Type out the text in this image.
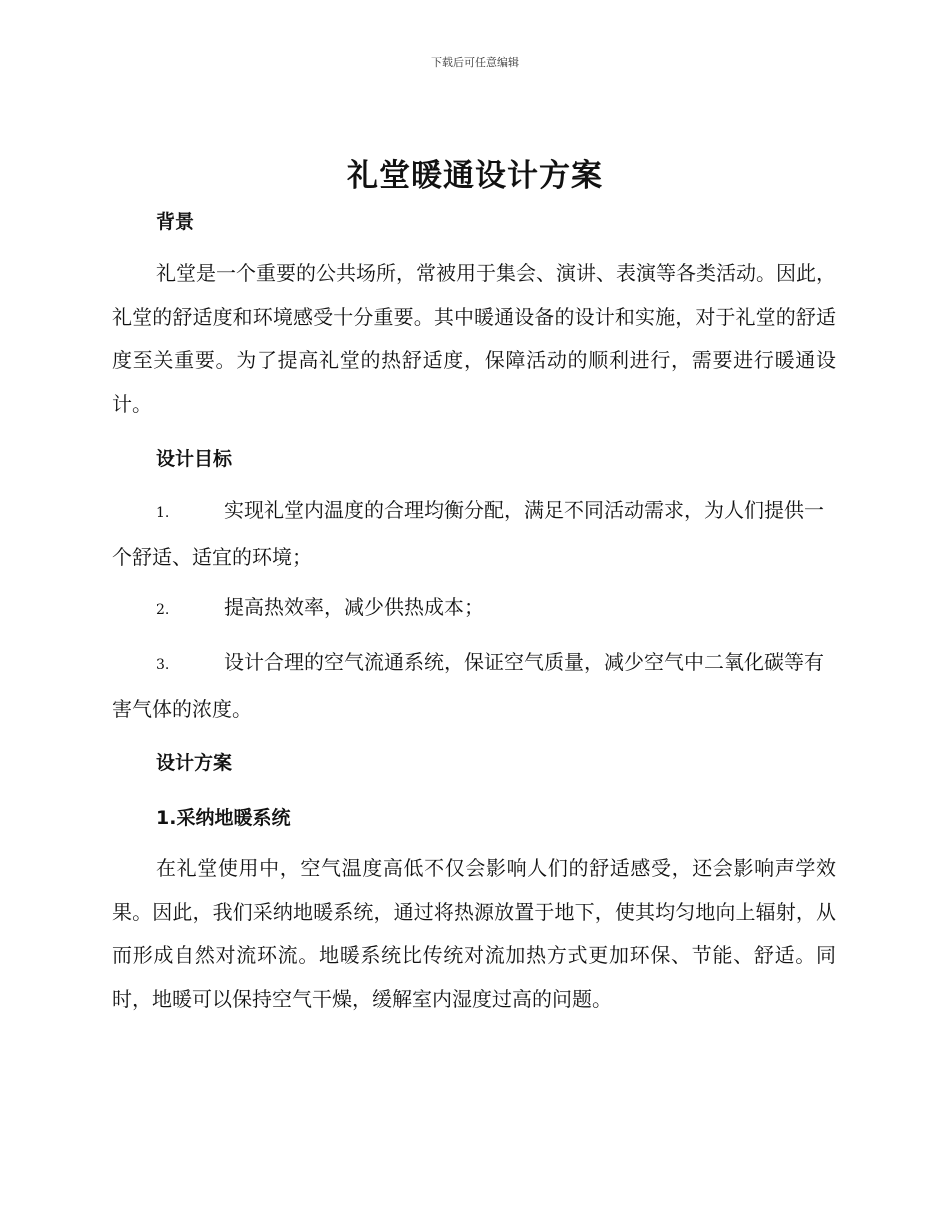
下载后可任意编辑
礼堂暖通设计方案
背景

礼堂是一个重要的公共场所，常被用于集会、演讲、表演等各类活动。因此，礼堂的舒适度和环境感受十分重要。其中暖通设备的设计和实施，对于礼堂的舒适度至关重要。为了提高礼堂的热舒适度，保障活动的顺利进行，需要进行暖通设计。

设计目标
1.	实现礼堂内温度的合理均衡分配，满足不同活动需求，为人们提供一个舒适、适宜的环境；
2.	提高热效率，减少供热成本；
3.	设计合理的空气流通系统，保证空气质量，减少空气中二氧化碳等有害气体的浓度。
设计方案
1.采纳地暖系统

在礼堂使用中，空气温度高低不仅会影响人们的舒适感受，还会影响声学效果。因此，我们采纳地暖系统，通过将热源放置于地下，使其均匀地向上辐射，从而形成自然对流环流。地暖系统比传统对流加热方式更加环保、节能、舒适。同时，地暖可以保持空气干燥，缓解室内湿度过高的问题。
